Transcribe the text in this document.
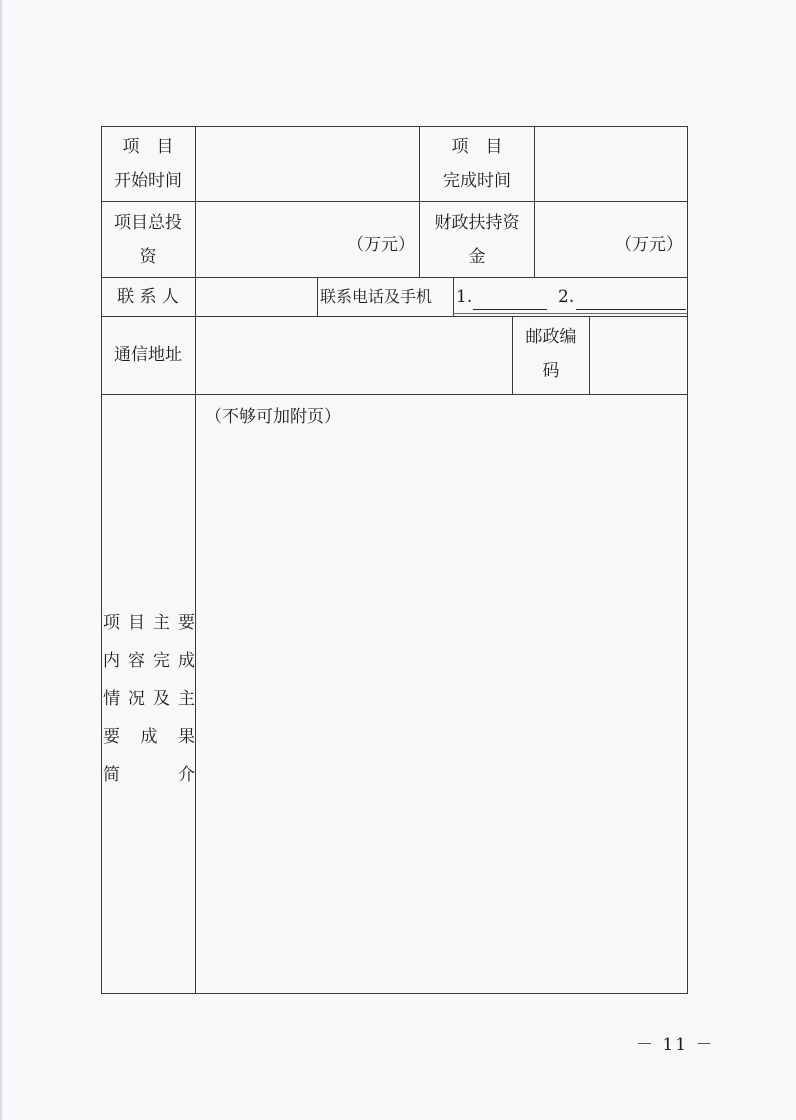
项　目
开始时间
项　目
完成时间
项目总投
资
（万元）
财政扶持资
金
（万元）
联 系 人	联系电话及手机 1.	2.
通信地址
邮政编
码
项 目 主 要
内 容 完 成
情 况 及 主
要 成 果
简　　　介
（不够可加附页）
－ 11 －
